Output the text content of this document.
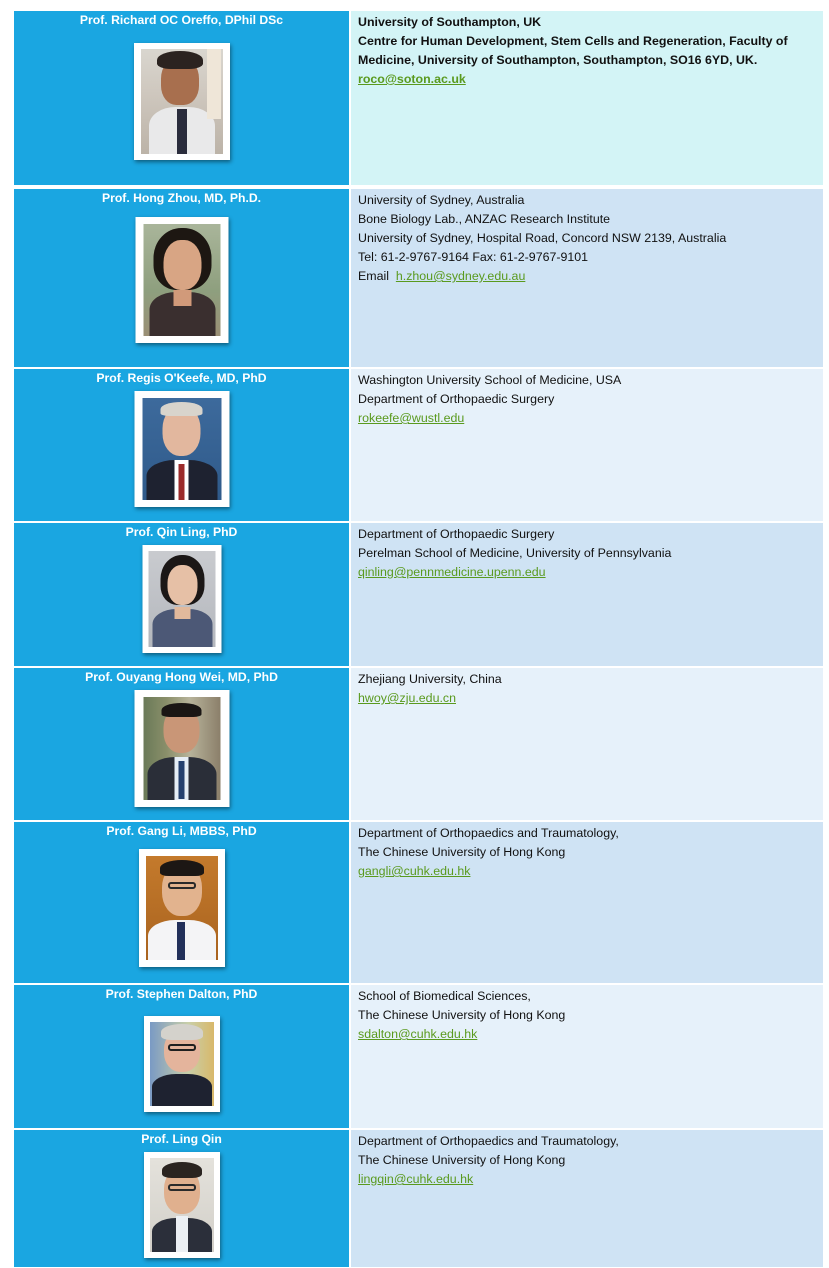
Prof. Richard OC Oreffo, DPhil DSc	University of Southampton, UK
Centre for Human Development, Stem Cells and Regeneration, Faculty of Medicine, University of Southampton, Southampton, SO16 6YD, UK.
roco@soton.ac.uk
Prof. Hong Zhou, MD, Ph.D.	University of Sydney, Australia
Bone Biology Lab., ANZAC Research Institute
University of Sydney, Hospital Road, Concord NSW 2139, Australia
Tel: 61-2-9767-9164 Fax: 61-2-9767-9101
Email h.zhou@sydney.edu.au
Prof. Regis O'Keefe, MD, PhD	Washington University School of Medicine, USA
Department of Orthopaedic Surgery
rokeefe@wustl.edu
Prof. Qin Ling, PhD	Department of Orthopaedic Surgery
Perelman School of Medicine, University of Pennsylvania
qinling@pennmedicine.upenn.edu
Prof. Ouyang Hong Wei, MD, PhD	Zhejiang University, China
hwoy@zju.edu.cn
Prof. Gang Li, MBBS, PhD	Department of Orthopaedics and Traumatology,
The Chinese University of Hong Kong
gangli@cuhk.edu.hk
Prof. Stephen Dalton, PhD	School of Biomedical Sciences,
The Chinese University of Hong Kong
sdalton@cuhk.edu.hk
Prof. Ling Qin	Department of Orthopaedics and Traumatology,
The Chinese University of Hong Kong
lingqin@cuhk.edu.hk
